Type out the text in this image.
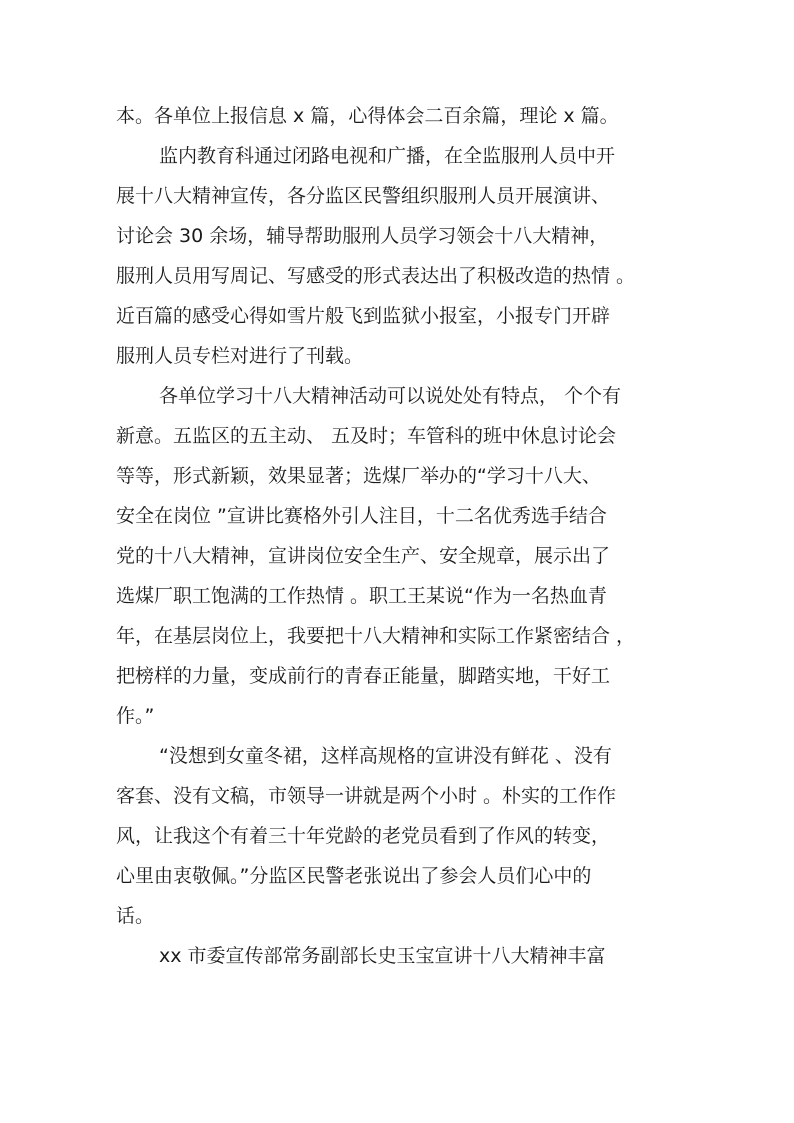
本。各单位上报信息 x 篇，心得体会二百余篇，理论 x 篇。
监内教育科通过闭路电视和广播，在全监服刑人员中开
展十八大精神宣传，各分监区民警组织服刑人员开展演讲、
讨论会 30 余场，辅导帮助服刑人员学习领会十八大精神，
服刑人员用写周记、写感受的形式表达出了积极改造的热情 。
近百篇的感受心得如雪片般飞到监狱小报室，小报专门开辟
服刑人员专栏对进行了刊载。
各单位学习十八大精神活动可以说处处有特点， 个个有
新意。五监区的五主动、 五及时；车管科的班中休息讨论会
等等，形式新颖，效果显著；选煤厂举办的“学习十八大、
安全在岗位 ”宣讲比赛格外引人注目，十二名优秀选手结合
党的十八大精神，宣讲岗位安全生产、安全规章，展示出了
选煤厂职工饱满的工作热情 。职工王某说“作为一名热血青
年，在基层岗位上，我要把十八大精神和实际工作紧密结合 ，
把榜样的力量，变成前行的青春正能量，脚踏实地，干好工
作。”
“没想到女童冬裙，这样高规格的宣讲没有鲜花 、没有
客套、没有文稿，市领导一讲就是两个小时 。朴实的工作作
风，让我这个有着三十年党龄的老党员看到了作风的转变，
心里由衷敬佩。”分监区民警老张说出了参会人员们心中的
话。
xx 市委宣传部常务副部长史玉宝宣讲十八大精神丰富
